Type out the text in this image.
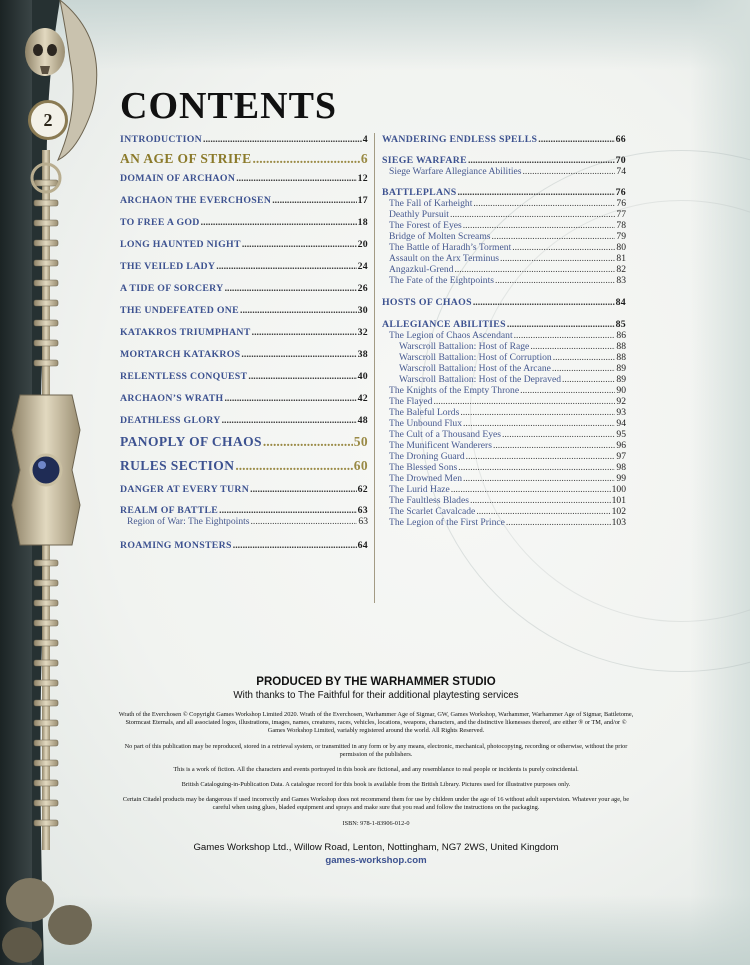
2	CONTENTS
INTRODUCTION .....	4
AN AGE OF STRIFE .....	6
DOMAIN OF ARCHAON .....	12
ARCHAON THE EVERCHOSEN .....	17
TO FREE A GOD .....	18
LONG HAUNTED NIGHT .....	20
THE VEILED LADY .....	24
A TIDE OF SORCERY .....	26
THE UNDEFEATED ONE .....	30
KATAKROS TRIUMPHANT .....	32
MORTARCH KATAKROS .....	38
RELENTLESS CONQUEST .....	40
ARCHAON’S WRATH .....	42
DEATHLESS GLORY .....	48
PANOPLY OF CHAOS .....	50
RULES SECTION .....	60
DANGER AT EVERY TURN .....	62
REALM OF BATTLE .....	63
Region of War: The Eightpoints .....	63
ROAMING MONSTERS .....	64
WANDERING ENDLESS SPELLS .....	66
SIEGE WARFARE .....	70
Siege Warfare Allegiance Abilities .....	74
BATTLEPLANS .....	76
The Fall of Karheight .....	76
Deathly Pursuit .....	77
The Forest of Eyes .....	78
Bridge of Molten Screams .....	79
The Battle of Haradh’s Torment .....	80
Assault on the Arx Terminus .....	81
Angazkul-Grend .....	82
The Fate of the Eightpoints .....	83
HOSTS OF CHAOS .....	84
ALLEGIANCE ABILITIES .....	85
The Legion of Chaos Ascendant .....	86
Warscroll Battalion: Host of Rage .....	88
Warscroll Battalion: Host of Corruption .....	88
Warscroll Battalion: Host of the Arcane .....	89
Warscroll Battalion: Host of the Depraved .....	89
The Knights of the Empty Throne .....	90
The Flayed .....	92
The Baleful Lords .....	93
The Unbound Flux .....	94
The Cult of a Thousand Eyes .....	95
The Munificent Wanderers .....	96
The Droning Guard .....	97
The Blessed Sons .....	98
The Drowned Men .....	99
The Lurid Haze .....	100
The Faultless Blades .....	101
The Scarlet Cavalcade .....	102
The Legion of the First Prince .....	103

PRODUCED BY THE WARHAMMER STUDIO

With thanks to The Faithful for their additional playtesting services

Wrath of the Everchosen © Copyright Games Workshop Limited 2020. Wrath of the Everchosen, Warhammer Age of Sigmar, GW, Games Workshop, Warhammer, Warhammer Age of Sigmar, Battletome, Stormcast Eternals, and all associated logos, illustrations, images, names, creatures, races, vehicles, locations, weapons, characters, and the distinctive likenesses thereof, are either ® or TM, and/or © Games Workshop Limited, variably registered around the world. All Rights Reserved.

No part of this publication may be reproduced, stored in a retrieval system, or transmitted in any form or by any means, electronic, mechanical, photocopying, recording or otherwise, without the prior permission of the publishers.

This is a work of fiction. All the characters and events portrayed in this book are fictional, and any resemblance to real people or incidents is purely coincidental.

British Cataloguing-in-Publication Data. A catalogue record for this book is available from the British Library. Pictures used for illustrative purposes only.

Certain Citadel products may be dangerous if used incorrectly and Games Workshop does not recommend them for use by children under the age of 16 without adult supervision. Whatever your age, be careful when using glues, bladed equipment and sprays and make sure that you read and follow the instructions on the packaging.

ISBN: 978-1-83906-012-0

Games Workshop Ltd., Willow Road, Lenton, Nottingham, NG7 2WS, United Kingdom

games-workshop.com
